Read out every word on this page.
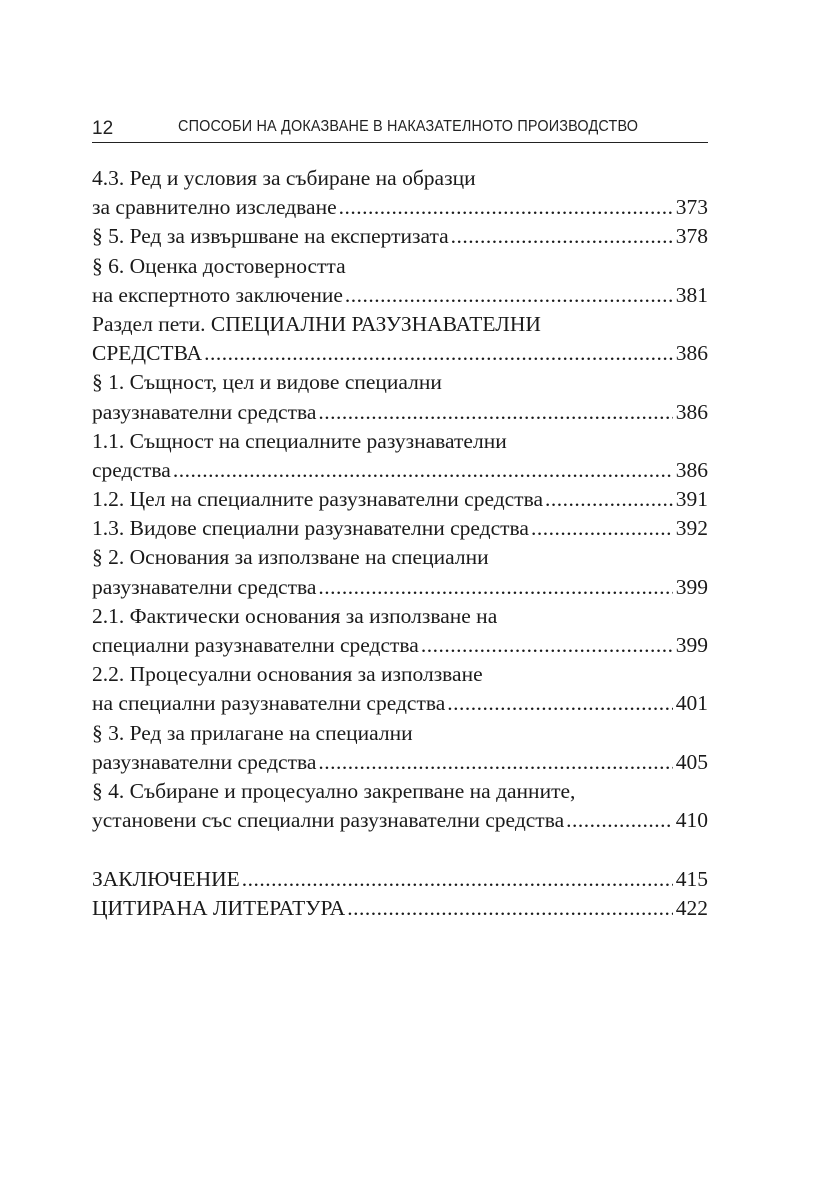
12	СПОСОБИ НА ДОКАЗВАНЕ В НАКАЗАТЕЛНОТО ПРОИЗВОДСТВО
4.3. Ред и условия за събиране на образци
за сравнително изследване .....	373
§ 5. Ред за извършване на експертизата .....	378
§ 6. Оценка достоверността
на експертното заключение .....	381
Раздел пети. СПЕЦИАЛНИ РАЗУЗНАВАТЕЛНИ
СРЕДСТВА .....	386
§ 1. Същност, цел и видове специални
разузнавателни средства .....	386
1.1. Същност на специалните разузнавателни
средства .....	386
1.2. Цел на специалните разузнавателни средства .....	391
1.3. Видове специални разузнавателни средства .....	392
§ 2. Основания за използване на специални
разузнавателни средства .....	399
2.1. Фактически основания за използване на
специални разузнавателни средства .....	399
2.2. Процесуални основания за използване
на специални разузнавателни средства .....	401
§ 3. Ред за прилагане на специални
разузнавателни средства .....	405
§ 4. Събиране и процесуално закрепване на данните,
установени със специални разузнавателни средства .....	410
ЗАКЛЮЧЕНИЕ .....	415
ЦИТИРАНА ЛИТЕРАТУРА .....	422
